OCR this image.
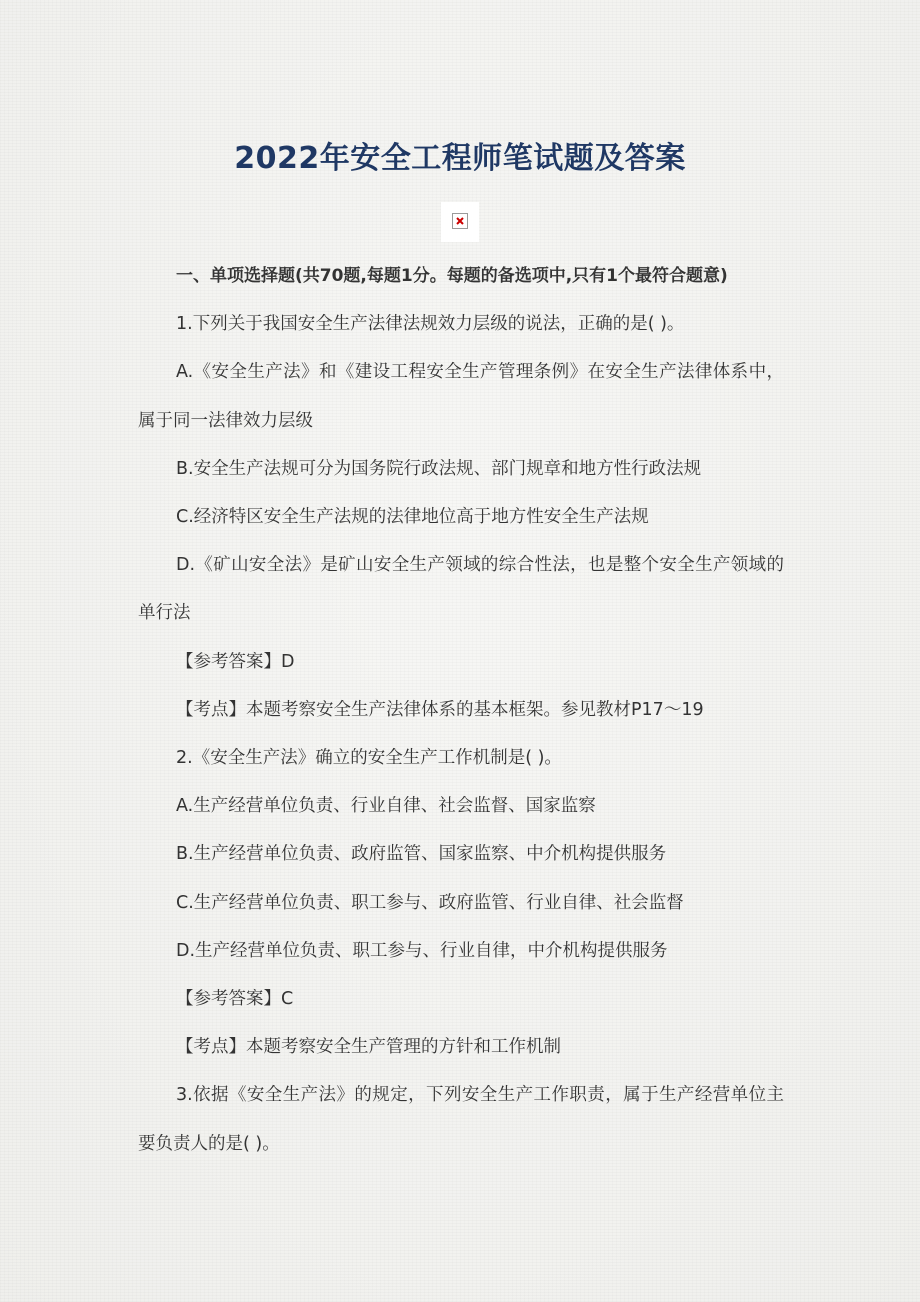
2022年安全工程师笔试题及答案

一、单项选择题(共70题,每题1分。每题的备选项中,只有1个最符合题意)

1.下列关于我国安全生产法律法规效力层级的说法，正确的是( )。

A.《安全生产法》和《建设工程安全生产管理条例》在安全生产法律体系中，属于同一法律效力层级

B.安全生产法规可分为国务院行政法规、部门规章和地方性行政法规

C.经济特区安全生产法规的法律地位高于地方性安全生产法规

D.《矿山安全法》是矿山安全生产领域的综合性法，也是整个安全生产领域的单行法

【参考答案】D

【考点】本题考察安全生产法律体系的基本框架。参见教材P17～19

2.《安全生产法》确立的安全生产工作机制是( )。

A.生产经营单位负责、行业自律、社会监督、国家监察

B.生产经营单位负责、政府监管、国家监察、中介机构提供服务

C.生产经营单位负责、职工参与、政府监管、行业自律、社会监督

D.生产经营单位负责、职工参与、行业自律，中介机构提供服务

【参考答案】C

【考点】本题考察安全生产管理的方针和工作机制

3.依据《安全生产法》的规定，下列安全生产工作职责，属于生产经营单位主要负责人的是( )。
